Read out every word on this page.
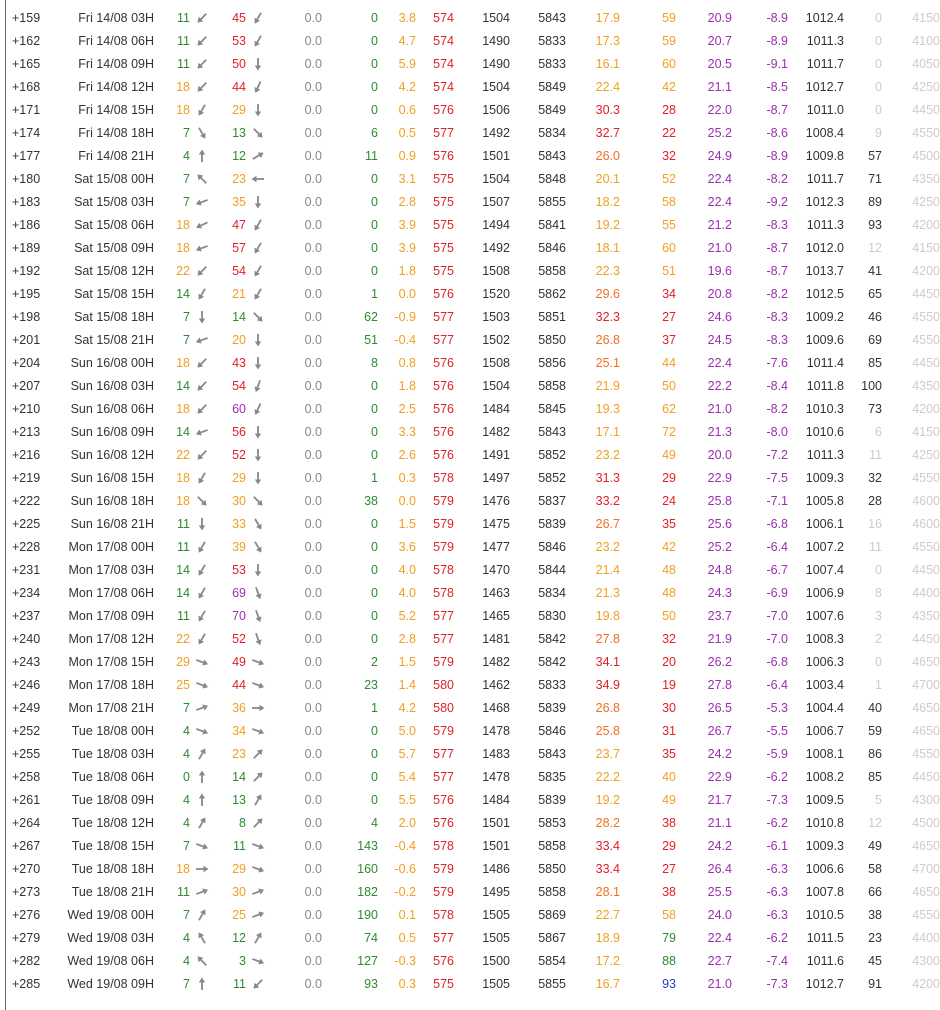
+159	Fri 14/08 03H	11	45	0.0	0	3.8	574	1504	5843	17.9	59	20.9	-8.9	1012.4	0	4150
+162	Fri 14/08 06H	11	53	0.0	0	4.7	574	1490	5833	17.3	59	20.7	-8.9	1011.3	0	4100
+165	Fri 14/08 09H	11	50	0.0	0	5.9	574	1490	5833	16.1	60	20.5	-9.1	1011.7	0	4050
+168	Fri 14/08 12H	18	44	0.0	0	4.2	574	1504	5849	22.4	42	21.1	-8.5	1012.7	0	4250
+171	Fri 14/08 15H	18	29	0.0	0	0.6	576	1506	5849	30.3	28	22.0	-8.7	1011.0	0	4450
+174	Fri 14/08 18H	7	13	0.0	6	0.5	577	1492	5834	32.7	22	25.2	-8.6	1008.4	9	4550
+177	Fri 14/08 21H	4	12	0.0	11	0.9	576	1501	5843	26.0	32	24.9	-8.9	1009.8	57	4500
+180	Sat 15/08 00H	7	23	0.0	0	3.1	575	1504	5848	20.1	52	22.4	-8.2	1011.7	71	4350
+183	Sat 15/08 03H	7	35	0.0	0	2.8	575	1507	5855	18.2	58	22.4	-9.2	1012.3	89	4250
+186	Sat 15/08 06H	18	47	0.0	0	3.9	575	1494	5841	19.2	55	21.2	-8.3	1011.3	93	4200
+189	Sat 15/08 09H	18	57	0.0	0	3.9	575	1492	5846	18.1	60	21.0	-8.7	1012.0	12	4150
+192	Sat 15/08 12H	22	54	0.0	0	1.8	575	1508	5858	22.3	51	19.6	-8.7	1013.7	41	4200
+195	Sat 15/08 15H	14	21	0.0	1	0.0	576	1520	5862	29.6	34	20.8	-8.2	1012.5	65	4450
+198	Sat 15/08 18H	7	14	0.0	62	-0.9	577	1503	5851	32.3	27	24.6	-8.3	1009.2	46	4550
+201	Sat 15/08 21H	7	20	0.0	51	-0.4	577	1502	5850	26.8	37	24.5	-8.3	1009.6	69	4550
+204	Sun 16/08 00H	18	43	0.0	8	0.8	576	1508	5856	25.1	44	22.4	-7.6	1011.4	85	4450
+207	Sun 16/08 03H	14	54	0.0	0	1.8	576	1504	5858	21.9	50	22.2	-8.4	1011.8	100	4350
+210	Sun 16/08 06H	18	60	0.0	0	2.5	576	1484	5845	19.3	62	21.0	-8.2	1010.3	73	4200
+213	Sun 16/08 09H	14	56	0.0	0	3.3	576	1482	5843	17.1	72	21.3	-8.0	1010.6	6	4150
+216	Sun 16/08 12H	22	52	0.0	0	2.6	576	1491	5852	23.2	49	20.0	-7.2	1011.3	11	4250
+219	Sun 16/08 15H	18	29	0.0	1	0.3	578	1497	5852	31.3	29	22.9	-7.5	1009.3	32	4550
+222	Sun 16/08 18H	18	30	0.0	38	0.0	579	1476	5837	33.2	24	25.8	-7.1	1005.8	28	4600
+225	Sun 16/08 21H	11	33	0.0	0	1.5	579	1475	5839	26.7	35	25.6	-6.8	1006.1	16	4600
+228	Mon 17/08 00H	11	39	0.0	0	3.6	579	1477	5846	23.2	42	25.2	-6.4	1007.2	11	4550
+231	Mon 17/08 03H	14	53	0.0	0	4.0	578	1470	5844	21.4	48	24.8	-6.7	1007.4	0	4450
+234	Mon 17/08 06H	14	69	0.0	0	4.0	578	1463	5834	21.3	48	24.3	-6.9	1006.9	8	4400
+237	Mon 17/08 09H	11	70	0.0	0	5.2	577	1465	5830	19.8	50	23.7	-7.0	1007.6	3	4350
+240	Mon 17/08 12H	22	52	0.0	0	2.8	577	1481	5842	27.8	32	21.9	-7.0	1008.3	2	4450
+243	Mon 17/08 15H	29	49	0.0	2	1.5	579	1482	5842	34.1	20	26.2	-6.8	1006.3	0	4650
+246	Mon 17/08 18H	25	44	0.0	23	1.4	580	1462	5833	34.9	19	27.8	-6.4	1003.4	1	4700
+249	Mon 17/08 21H	7	36	0.0	1	4.2	580	1468	5839	26.8	30	26.5	-5.3	1004.4	40	4650
+252	Tue 18/08 00H	4	34	0.0	0	5.0	579	1478	5846	25.8	31	26.7	-5.5	1006.7	59	4650
+255	Tue 18/08 03H	4	23	0.0	0	5.7	577	1483	5843	23.7	35	24.2	-5.9	1008.1	86	4550
+258	Tue 18/08 06H	0	14	0.0	0	5.4	577	1478	5835	22.2	40	22.9	-6.2	1008.2	85	4450
+261	Tue 18/08 09H	4	13	0.0	0	5.5	576	1484	5839	19.2	49	21.7	-7.3	1009.5	5	4300
+264	Tue 18/08 12H	4	8	0.0	4	2.0	576	1501	5853	28.2	38	21.1	-6.2	1010.8	12	4500
+267	Tue 18/08 15H	7	11	0.0	143	-0.4	578	1501	5858	33.4	29	24.2	-6.1	1009.3	49	4650
+270	Tue 18/08 18H	18	29	0.0	160	-0.6	579	1486	5850	33.4	27	26.4	-6.3	1006.6	58	4700
+273	Tue 18/08 21H	11	30	0.0	182	-0.2	579	1495	5858	28.1	38	25.5	-6.3	1007.8	66	4650
+276	Wed 19/08 00H	7	25	0.0	190	0.1	578	1505	5869	22.7	58	24.0	-6.3	1010.5	38	4550
+279	Wed 19/08 03H	4	12	0.0	74	0.5	577	1505	5867	18.9	79	22.4	-6.2	1011.5	23	4400
+282	Wed 19/08 06H	4	3	0.0	127	-0.3	576	1500	5854	17.2	88	22.7	-7.4	1011.6	45	4300
+285	Wed 19/08 09H	7	11	0.0	93	0.3	575	1505	5855	16.7	93	21.0	-7.3	1012.7	91	4200
